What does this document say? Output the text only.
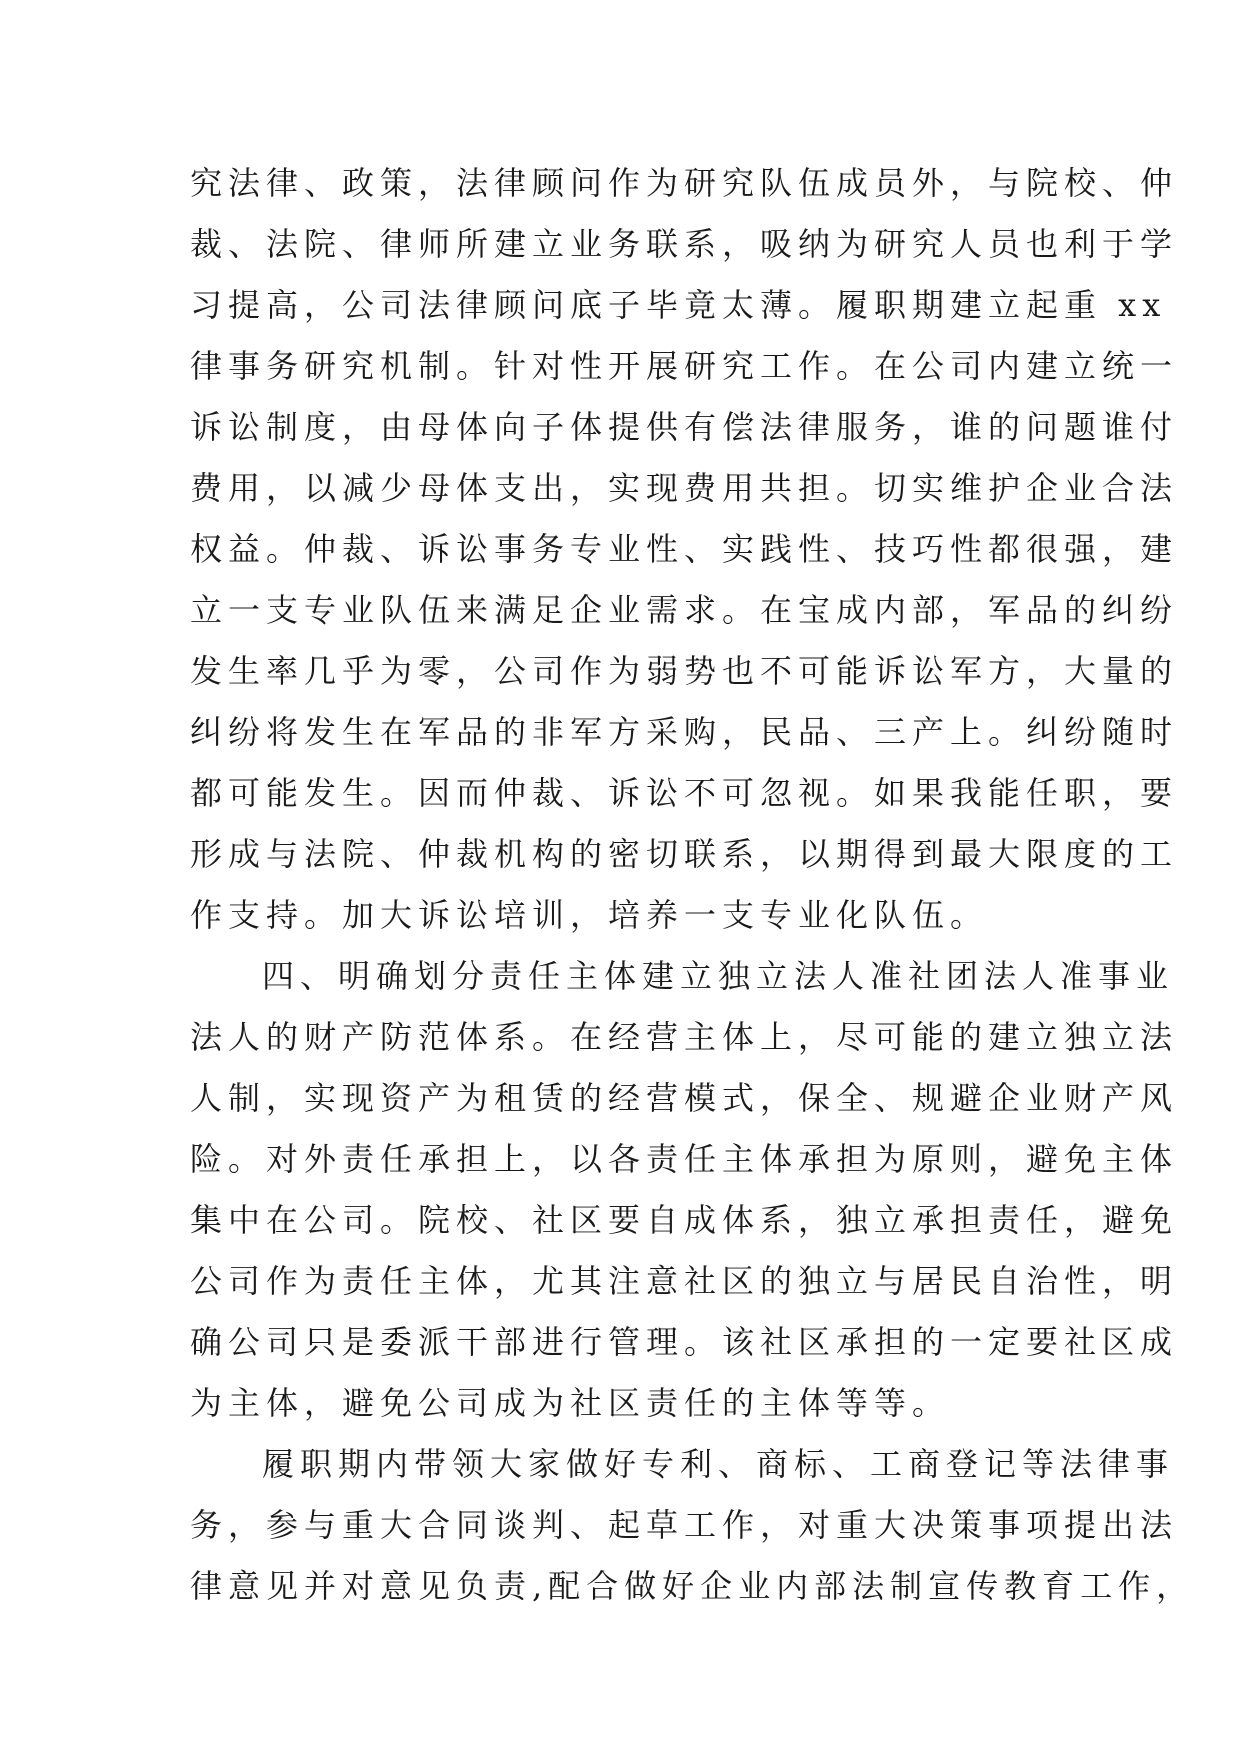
究法律、政策，法律顾问作为研究队伍成员外，与院校、仲
裁、法院、律师所建立业务联系，吸纳为研究人员也利于学
习提高，公司法律顾问底子毕竟太薄。履职期建立起重 xx
律事务研究机制。针对性开展研究工作。在公司内建立统一
诉讼制度，由母体向子体提供有偿法律服务，谁的问题谁付
费用，以减少母体支出，实现费用共担。切实维护企业合法
权益。仲裁、诉讼事务专业性、实践性、技巧性都很强，建
立一支专业队伍来满足企业需求。在宝成内部，军品的纠纷
发生率几乎为零，公司作为弱势也不可能诉讼军方，大量的
纠纷将发生在军品的非军方采购，民品、三产上。纠纷随时
都可能发生。因而仲裁、诉讼不可忽视。如果我能任职，要
形成与法院、仲裁机构的密切联系，以期得到最大限度的工
作支持。加大诉讼培训，培养一支专业化队伍。
四、明确划分责任主体建立独立法人准社团法人准事业
法人的财产防范体系。在经营主体上，尽可能的建立独立法
人制，实现资产为租赁的经营模式，保全、规避企业财产风
险。对外责任承担上，以各责任主体承担为原则，避免主体
集中在公司。院校、社区要自成体系，独立承担责任，避免
公司作为责任主体，尤其注意社区的独立与居民自治性，明
确公司只是委派干部进行管理。该社区承担的一定要社区成
为主体，避免公司成为社区责任的主体等等。
履职期内带领大家做好专利、商标、工商登记等法律事
务，参与重大合同谈判、起草工作，对重大决策事项提出法
律意见并对意见负责,配合做好企业内部法制宣传教育工作，
